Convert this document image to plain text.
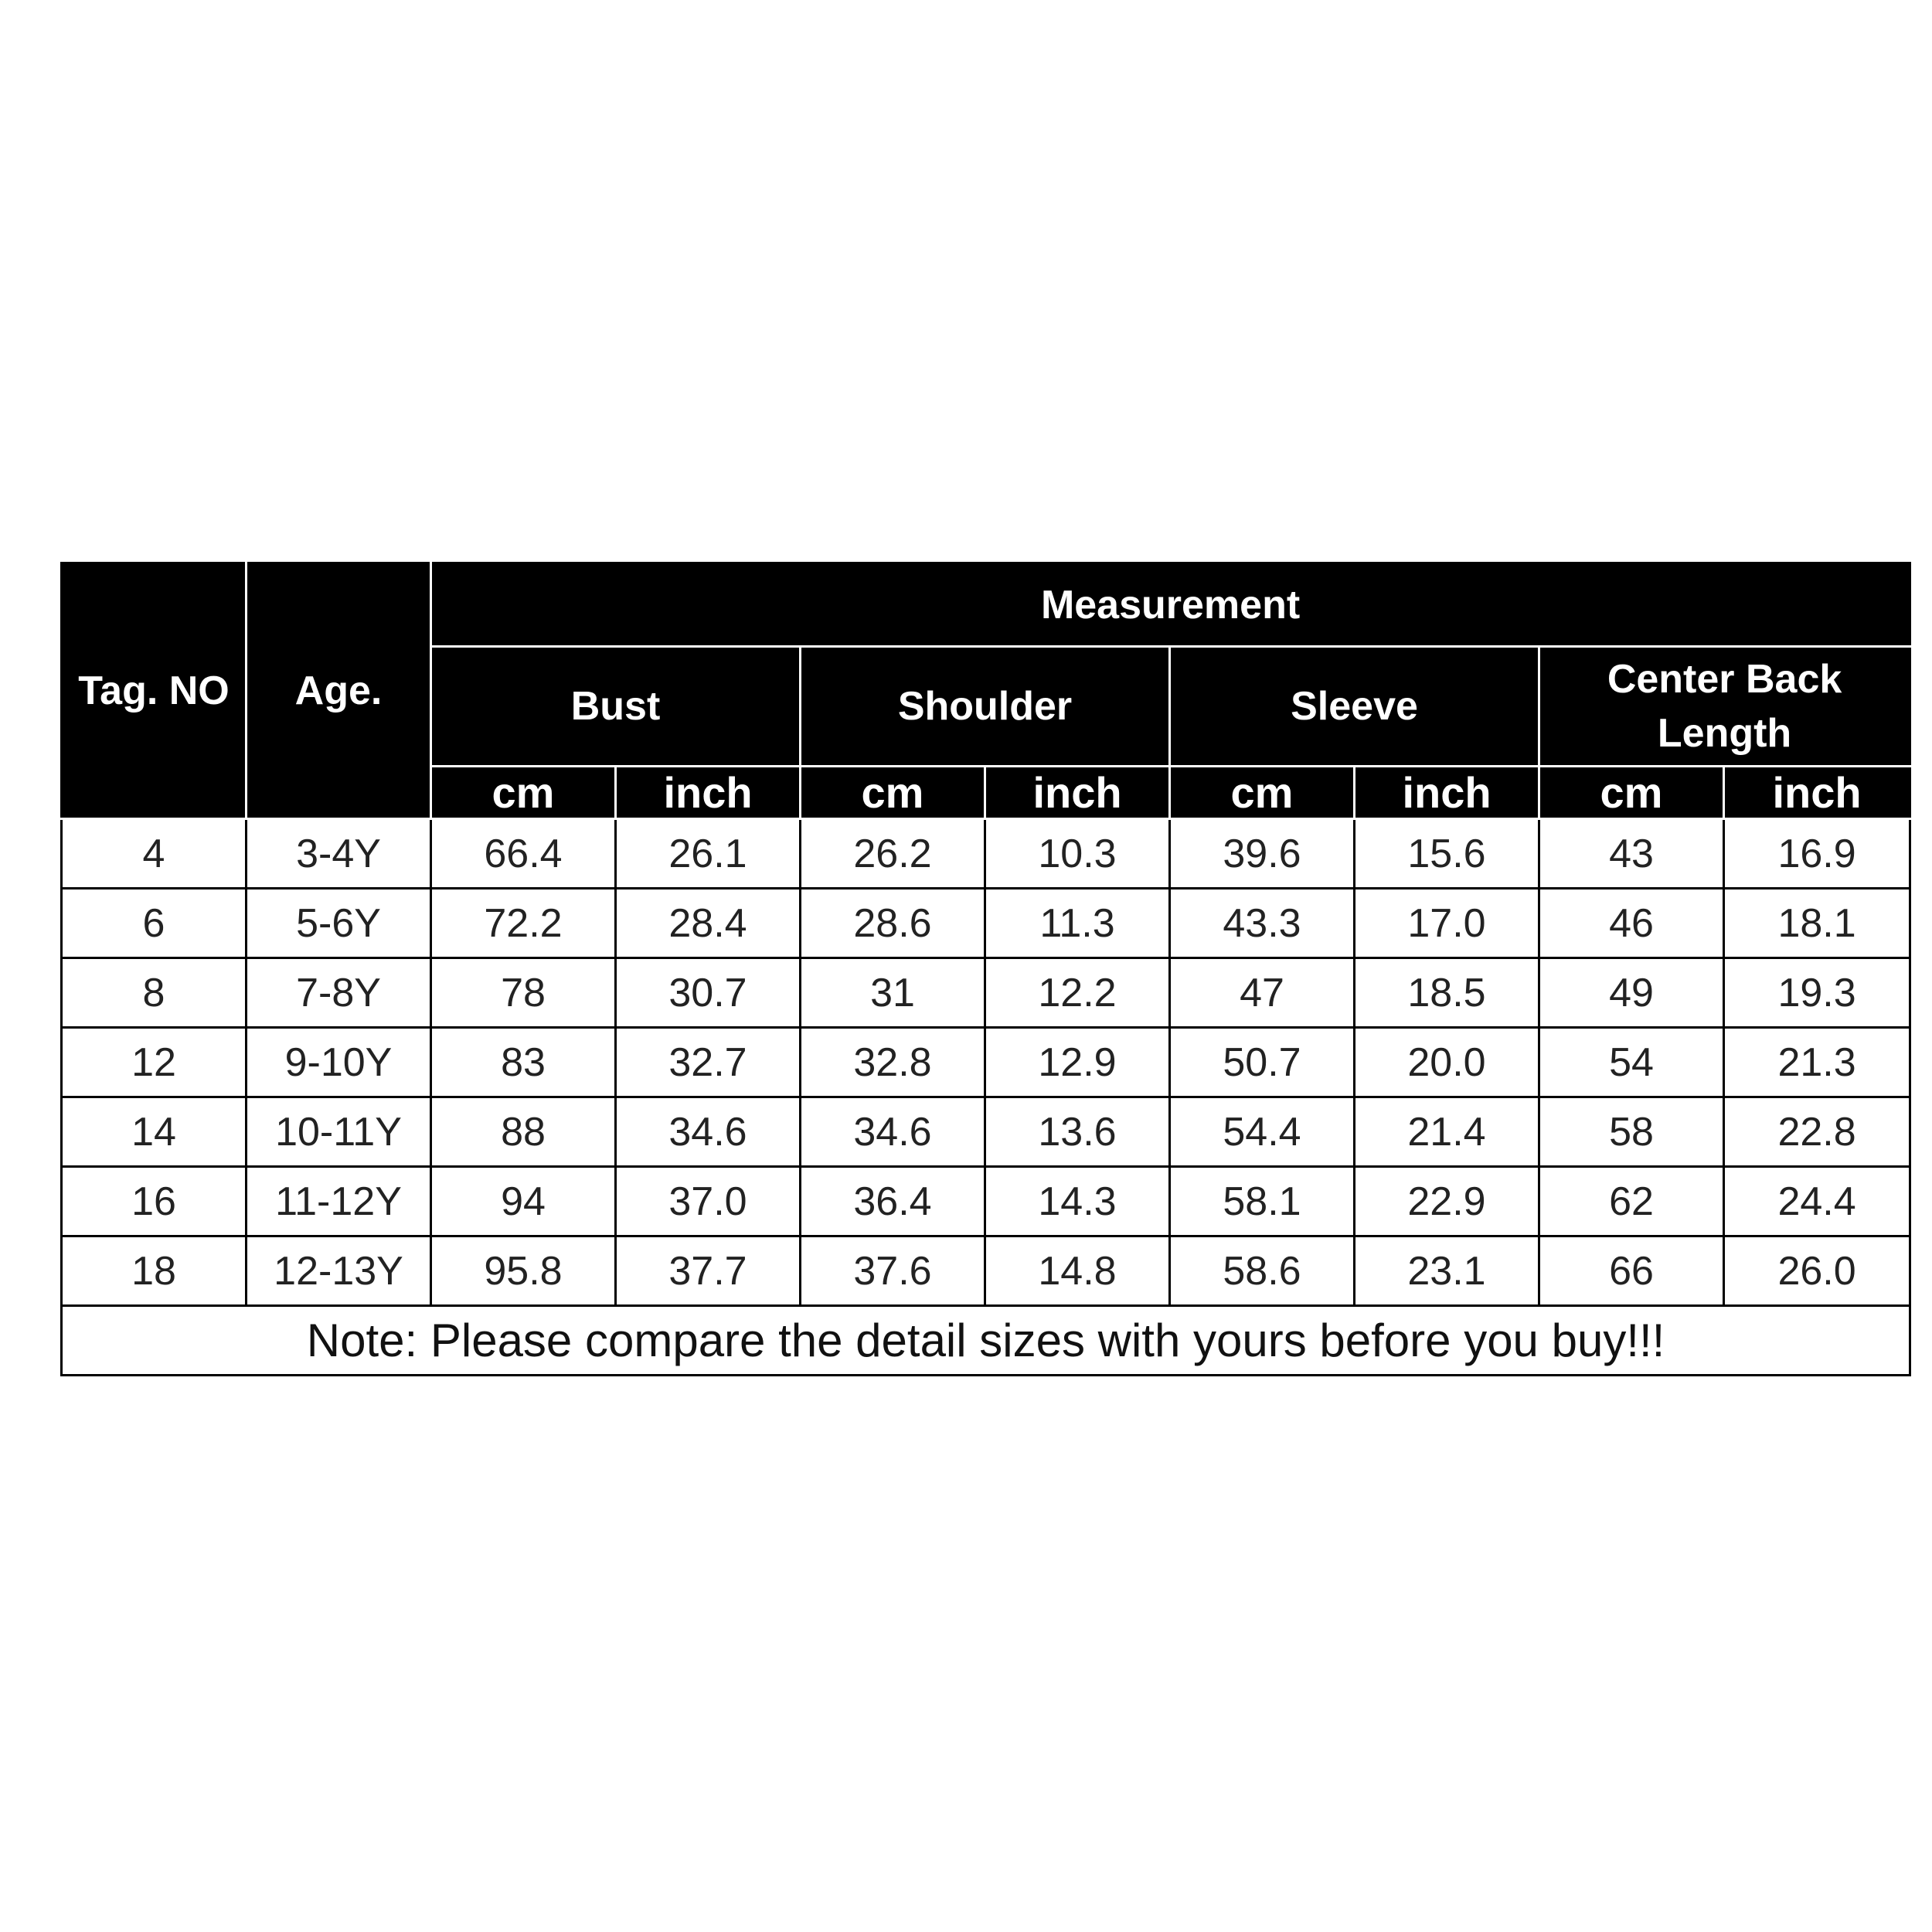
Tag. NO	Age.	Measurement							
		Bust		Shoulder		Sleeve		Center Back Length	
		cm	inch	cm	inch	cm	inch	cm	inch
4	3-4Y	66.4	26.1	26.2	10.3	39.6	15.6	43	16.9
6	5-6Y	72.2	28.4	28.6	11.3	43.3	17.0	46	18.1
8	7-8Y	78	30.7	31	12.2	47	18.5	49	19.3
12	9-10Y	83	32.7	32.8	12.9	50.7	20.0	54	21.3
14	10-11Y	88	34.6	34.6	13.6	54.4	21.4	58	22.8
16	11-12Y	94	37.0	36.4	14.3	58.1	22.9	62	24.4
18	12-13Y	95.8	37.7	37.6	14.8	58.6	23.1	66	26.0
Note: Please compare the detail sizes with yours before you buy!!!									
